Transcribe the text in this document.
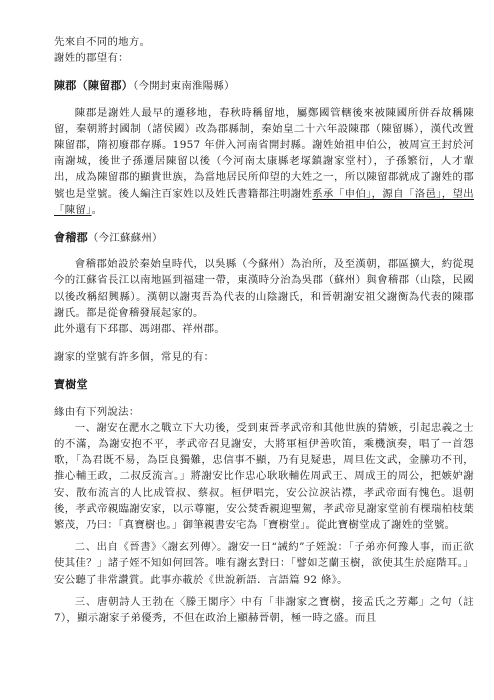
先來自不同的地方。

謝姓的郡望有：

陳郡（陳留郡）（今開封東南淮陽縣）

陳郡是謝姓人最早的遷移地，春秋時稱留地，屬鄭國管轄後來被陳國所併吞故稱陳留，秦朝將封國制（諸侯國）改為郡縣制，秦始皇二十六年設陳郡（陳留縣），漢代改置陳留郡，隋初廢郡存縣。1957 年併入河南省開封縣。謝姓始祖申伯公，被周宣王封於河南謝城，後世子孫遷居陳留以後（今河南太康縣老塚鎮謝家堂村），子孫繁衍，人才輩出，成為陳留郡的顯貴世族，為當地居民所仰望的大姓之一，所以陳留郡就成了謝姓的郡號也是堂號。後人編注百家姓以及姓氏書籍都注明謝姓系承「申伯」，源自「洛邑」，望出「陳留」。

會稽郡（今江蘇蘇州）

會稽郡始設於秦始皇時代，以吳縣（今蘇州）為治所，及至漢朝，郡區擴大，約從現今的江蘇省長江以南地區到福建一帶，東漢時分治為吳郡（蘇州）與會稽郡（山陰，民國以後改稱紹興縣）。漢朝以謝夷吾為代表的山陰謝氏，和晉朝謝安祖父謝衡為代表的陳郡謝氏。都是從會稽發展起家的。

此外還有下邳郡、馮翊郡、祥州郡。

謝家的堂號有許多個，常見的有：

寶樹堂

緣由有下列說法：

一、謝安在淝水之戰立下大功後，受到東晉孝武帝和其他世族的猜嫉，引起忠義之士的不滿，為謝安抱不平，孝武帝召見謝安，大將軍桓伊善吹笛，乘機演奏，唱了一首怨歌，「為君既不易，為臣良獨難，忠信事不顯，乃有見疑患，周旦佐文武，金縢功不刊，推心輔王政，二叔反流言。」將謝安比作忠心耿耿輔佐周武王、周成王的周公，把嫉妒謝安、散布流言的人比成管叔、蔡叔。桓伊唱完，安公泣淚沾襟，孝武帝面有愧色。退朝後，孝武帝親臨謝安家，以示尊寵，安公焚香親迎聖駕，孝武帝見謝家堂前有棵瑞柏枝葉繁茂，乃曰：「真寶樹也。」御筆親書安宅為「寶樹堂」。從此寶樹堂成了謝姓的堂號。

二、出自《晉書》〈謝玄列傳〉。謝安一日“誡約”子姪說：「子弟亦何豫人事，而正欲使其佳？」諸子姪不知如何回答。唯有謝玄對曰：「譬如芝蘭玉樹，欲使其生於庭階耳。」安公聽了非常讚賞。此事亦載於《世說新語．言語篇 92 條》。

三、唐朝詩人王勃在〈滕王閣序〉中有「非謝家之寶樹，接孟氏之芳鄰」之句（註 7），顯示謝家子弟優秀，不但在政治上顯赫晉朝，極一時之盛。而且
